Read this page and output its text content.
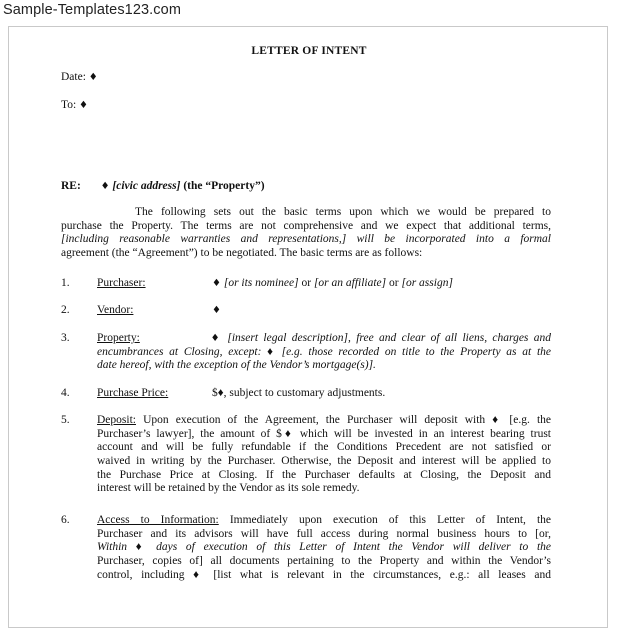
Sample-Templates123.com
LETTER OF INTENT
Date: ♦
To: ♦
RE: ♦ [civic address] (the “Property”)
The following sets out the basic terms upon which we would be prepared to
purchase the Property. The terms are not comprehensive and we expect that additional terms,
[including reasonable warranties and representations,] will be incorporated into a formal
agreement (the “Agreement”) to be negotiated. The basic terms are as follows:
1. Purchaser:	♦ [or its nominee] or [or an affiliate] or [or assign]
2. Vendor:	♦
3. Property:	♦ [insert legal description], free and clear of all liens, charges and
encumbrances at Closing, except: ♦ [e.g. those recorded on title to the Property as at the
date hereof, with the exception of the Vendor’s mortgage(s)].
4. Purchase Price:	$♦, subject to customary adjustments.
5. Deposit: Upon execution of the Agreement, the Purchaser will deposit with ♦ [e.g. the
Purchaser’s lawyer], the amount of $♦ which will be invested in an interest bearing trust
account and will be fully refundable if the Conditions Precedent are not satisfied or
waived in writing by the Purchaser. Otherwise, the Deposit and interest will be applied to
the Purchase Price at Closing. If the Purchaser defaults at Closing, the Deposit and
interest will be retained by the Vendor as its sole remedy.
6. Access to Information: Immediately upon execution of this Letter of Intent, the
Purchaser and its advisors will have full access during normal business hours to [or,
Within ♦ days of execution of this Letter of Intent the Vendor will deliver to the
Purchaser, copies of] all documents pertaining to the Property and within the Vendor’s
control, including ♦ [list what is relevant in the circumstances, e.g.: all leases and
